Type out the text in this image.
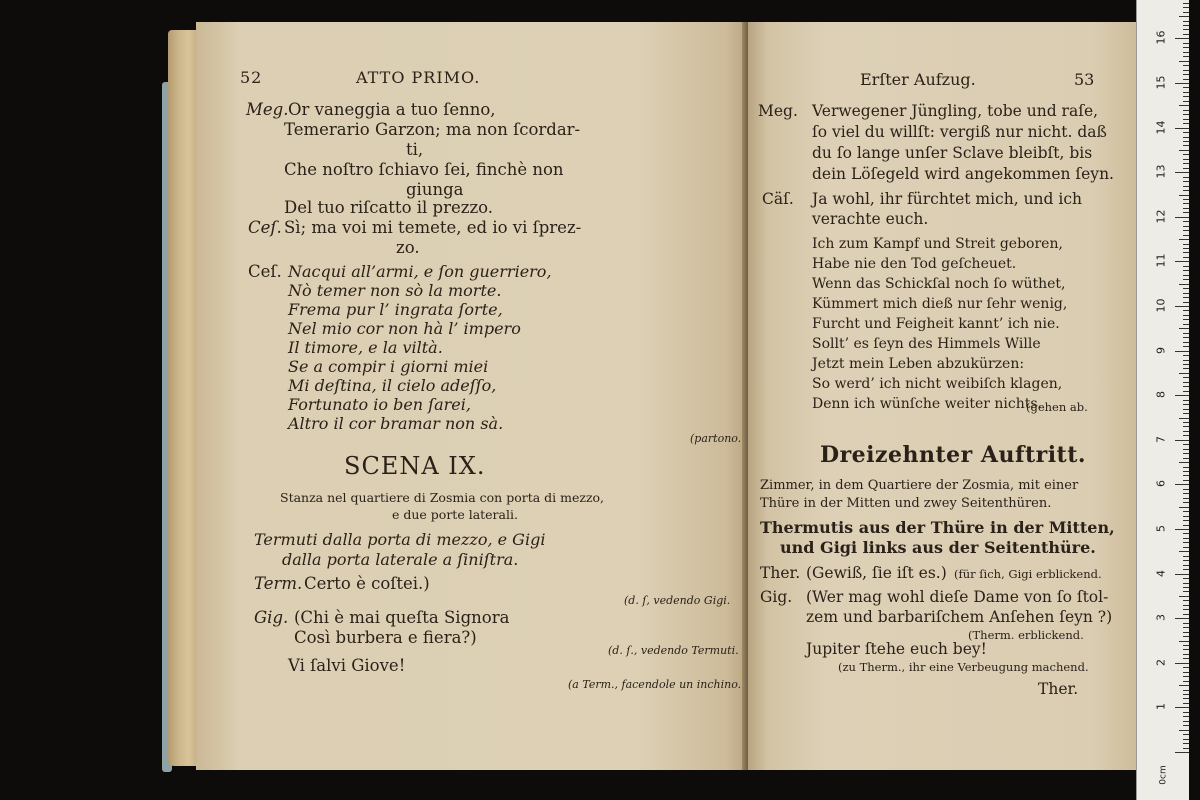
52	ATTO PRIMO.
Meg. Or vaneggia a tuo ſenno,
Temerario Garzon; ma non ſcordar-
ti,
Che noſtro ſchiavo ſei, finchè non
giunga
Del tuo riſcatto il prezzo.
Ceſ. Sì; ma voi mi temete, ed io vi ſprez-
zo.
Ceſ. Nacqui all’armi, e ſon guerriero,
Nò temer non sò la morte.
Frema pur l’ ingrata ſorte,
Nel mio cor non hà l’ impero
Il timore, e la viltà.
Se a compir i giorni miei
Mi deſtina, il cielo adeſſo,
Fortunato io ben ſarei,
Altro il cor bramar non sà.
(partono.
SCENA IX.
Stanza nel quartiere di Zosmia con porta di mezzo,
e due porte laterali.
Termuti dalla porta di mezzo, e Gigi
dalla porta laterale a ſiniſtra.
Term. Certo è coſtei.)
(d. ſ, vedendo Gigi.
Gig. (Chi è mai queſta Signora
Così burbera e fiera?)
(d. ſ., vedendo Termuti.
Vi ſalvi Giove!
(a Term., facendole un inchino.
Erſter Aufzug.	53
Meg. Verwegener Jüngling, tobe und raſe,
ſo viel du willſt: vergiß nur nicht. daß
du ſo lange unſer Sclave bleibſt, bis
dein Löſegeld wird angekommen ſeyn.
Cäſ. Ja wohl, ihr fürchtet mich, und ich
verachte euch.
Ich zum Kampf und Streit geboren,
Habe nie den Tod geſcheuet.
Wenn das Schickſal noch ſo wüthet,
Kümmert mich dieß nur ſehr wenig,
Furcht und Feigheit kannt’ ich nie.
Sollt’ es ſeyn des Himmels Wille
Jetzt mein Leben abzukürzen:
So werd’ ich nicht weibiſch klagen,
Denn ich wünſche weiter nichts.
(gehen ab.
Dreizehnter Auftritt.
Zimmer, in dem Quartiere der Zosmia, mit einer
Thüre in der Mitten und zwey Seitenthüren.
Thermutis aus der Thüre in der Mitten,
und Gigi links aus der Seitenthüre.
Ther. (Gewiß, ſie iſt es.) (für ſich, Gigi erblickend.
Gig. (Wer mag wohl dieſe Dame von ſo ſtol-
zem und barbariſchem Anſehen ſeyn ?)
(Therm. erblickend.
Jupiter ſtehe euch bey!
(zu Therm., ihr eine Verbeugung machend.
Ther.
0cm
1
2
3
4
5
6
7
8
9
10
11
12
13
14
15
16
